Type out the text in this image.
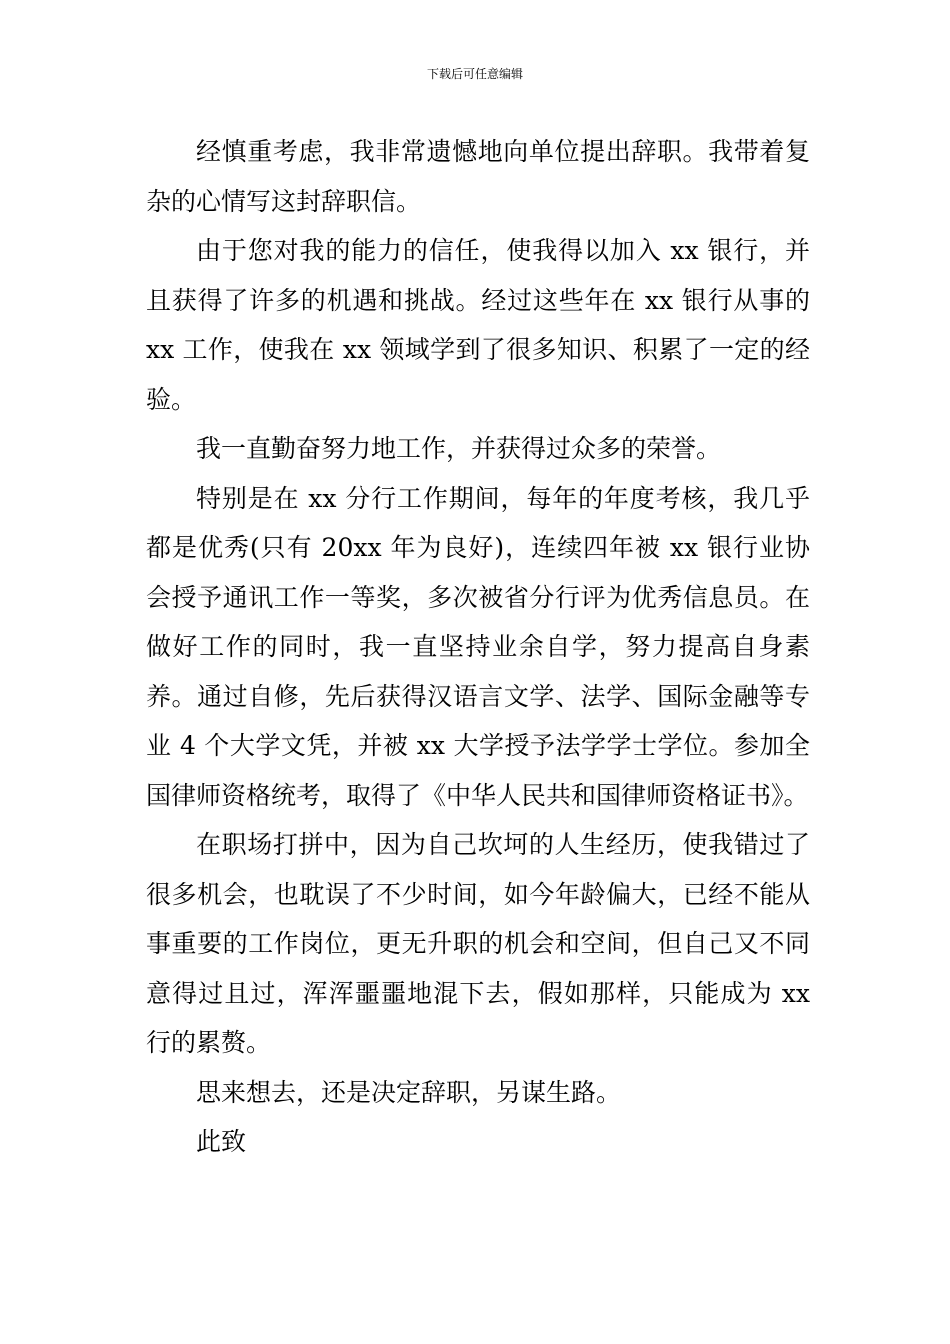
下载后可任意编辑

经慎重考虑，我非常遗憾地向单位提出辞职。我带着复杂的心情写这封辞职信。

由于您对我的能力的信任，使我得以加入 xx 银行，并且获得了许多的机遇和挑战。经过这些年在 xx 银行从事的 xx 工作，使我在 xx 领域学到了很多知识、积累了一定的经验。

我一直勤奋努力地工作，并获得过众多的荣誉。

特别是在 xx 分行工作期间，每年的年度考核，我几乎都是优秀(只有 20xx 年为良好)，连续四年被 xx 银行业协会授予通讯工作一等奖，多次被省分行评为优秀信息员。在做好工作的同时，我一直坚持业余自学，努力提高自身素养。通过自修，先后获得汉语言文学、法学、国际金融等专业 4 个大学文凭，并被 xx 大学授予法学学士学位。参加全国律师资格统考，取得了《中华人民共和国律师资格证书》。

在职场打拼中，因为自己坎坷的人生经历，使我错过了很多机会，也耽误了不少时间，如今年龄偏大，已经不能从事重要的工作岗位，更无升职的机会和空间，但自己又不同意得过且过，浑浑噩噩地混下去，假如那样，只能成为 xx 行的累赘。

思来想去，还是决定辞职，另谋生路。

此致
